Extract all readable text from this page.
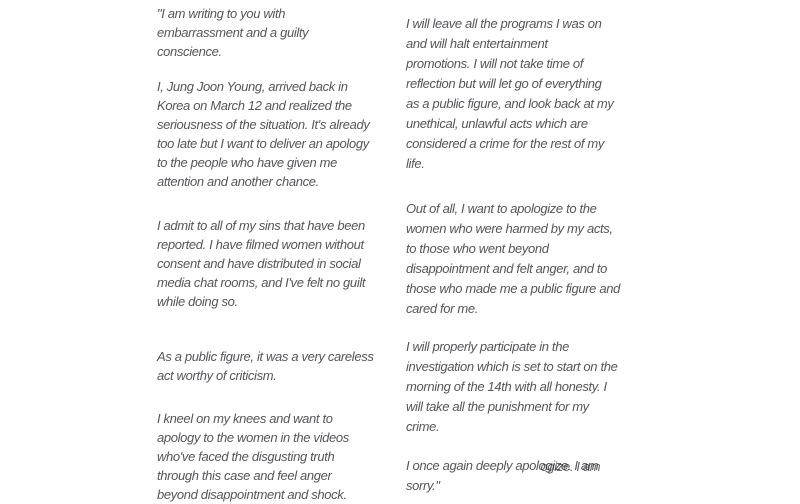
"I am writing to you with
embarrassment and a guilty
conscience.
I, Jung Joon Young, arrived back in
Korea on March 12 and realized the
seriousness of the situation. It's already
too late but I want to deliver an apology
to the people who have given me
attention and another chance.
I admit to all of my sins that have been
reported. I have filmed women without
consent and have distributed in social
media chat rooms, and I've felt no guilt
while doing so.
As a public figure, it was a very careless
act worthy of criticism.
I kneel on my knees and want to
apology to the women in the videos
who've faced the disgusting truth
through this case and feel anger
beyond disappointment and shock.
I will leave all the programs I was on
and will halt entertainment
promotions. I will not take time of
reflection but will let go of everything
as a public figure, and look back at my
unethical, unlawful acts which are
considered a crime for the rest of my
life.
Out of all, I want to apologize to the
women who were harmed by my acts,
to those who went beyond
disappointment and felt anger, and to
those who made me a public figure and
cared for me.
I will properly participate in the
investigation which is set to start on the
morning of the 14th with all honesty. I
will take all the punishment for my
crime.
I once again deeply apologize. I am ogize. I am
sorry."
